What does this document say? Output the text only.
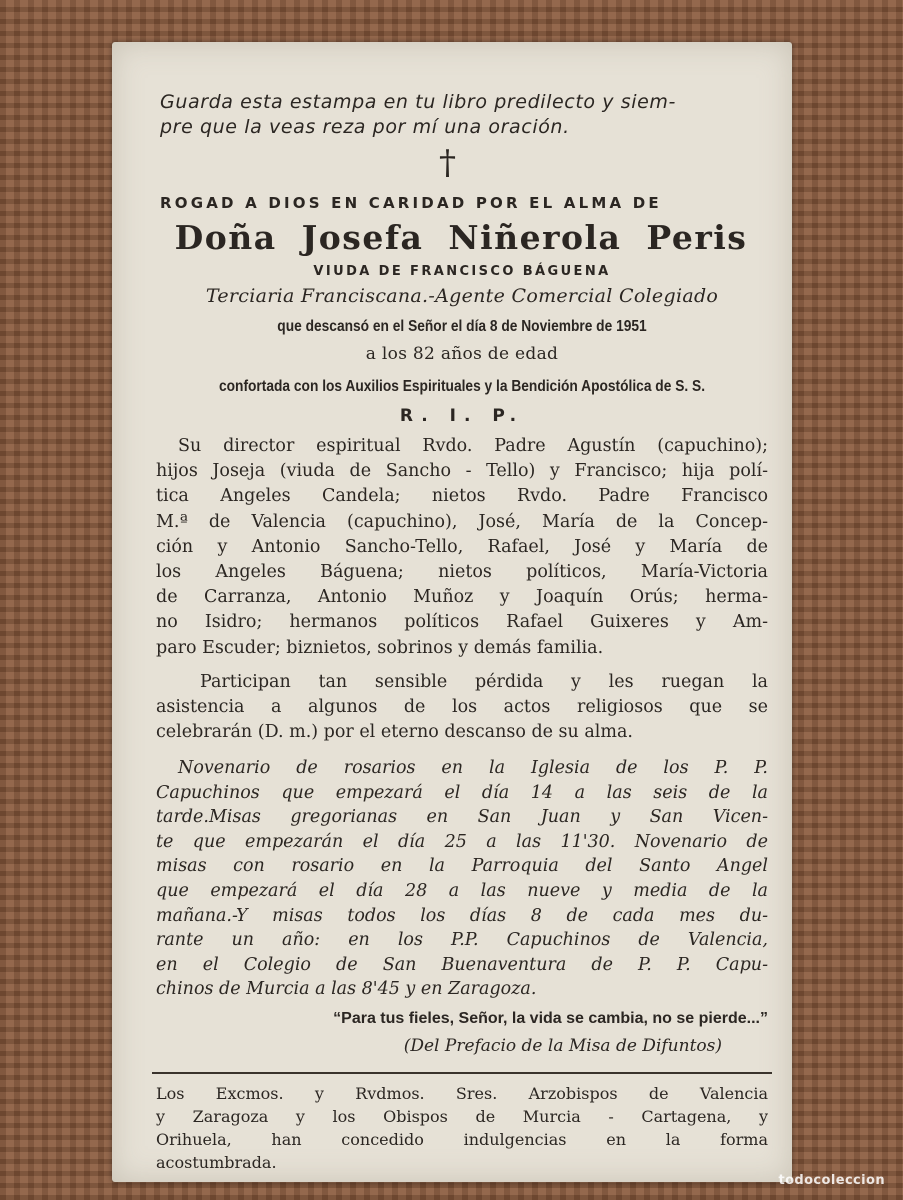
Guarda esta estampa en tu libro predilecto y siem-
pre que la veas reza por mí una oración.
†
ROGAD A DIOS EN CARIDAD POR EL ALMA DE
Doña Josefa Niñerola Peris
VIUDA DE FRANCISCO BÁGUENA
Terciaria Franciscana.-Agente Comercial Colegiado
que descansó en el Señor el día 8 de Noviembre de 1951
a los 82 años de edad
confortada con los Auxilios Espirituales y la Bendición Apostólica de S. S.
R. I. P.
Su director espiritual Rvdo. Padre Agustín (capuchino);
hijos Joseja (viuda de Sancho - Tello) y Francisco; hija polí-
tica Angeles Candela; nietos Rvdo. Padre Francisco
M.ª de Valencia (capuchino), José, María de la Concep-
ción y Antonio Sancho-Tello, Rafael, José y María de
los Angeles Báguena; nietos políticos, María-Victoria
de Carranza, Antonio Muñoz y Joaquín Orús; herma-
no Isidro; hermanos políticos Rafael Guixeres y Am-
paro Escuder; biznietos, sobrinos y demás familia.
Participan tan sensible pérdida y les ruegan la
asistencia a algunos de los actos religiosos que se
celebrarán (D. m.) por el eterno descanso de su alma.
Novenario de rosarios en la Iglesia de los P. P.
Capuchinos que empezará el día 14 a las seis de la
tarde.Misas gregorianas en San Juan y San Vicen-
te que empezarán el día 25 a las 11'30. Novenario de
misas con rosario en la Parroquia del Santo Angel
que empezará el día 28 a las nueve y media de la
mañana.-Y misas todos los días 8 de cada mes du-
rante un año: en los P.P. Capuchinos de Valencia,
en el Colegio de San Buenaventura de P. P. Capu-
chinos de Murcia a las 8'45 y en Zaragoza.
“Para tus fieles, Señor, la vida se cambia, no se pierde...”
(Del Prefacio de la Misa de Difuntos)
Los Excmos. y Rvdmos. Sres. Arzobispos de Valencia
y Zaragoza y los Obispos de Murcia - Cartagena, y
Orihuela, han concedido indulgencias en la forma
acostumbrada.
todocoleccion
